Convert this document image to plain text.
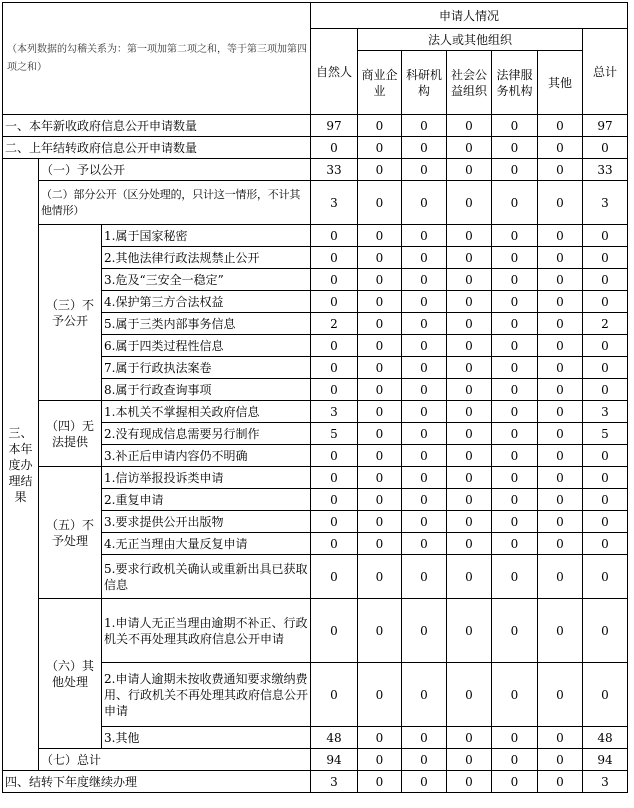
（本列数据的勾稽关系为：第一项加第二项之和，等于第三项加第四项之和）			申请人情况						
			自然人	法人或其他组织					总计
				商业企业	科研机构	社会公益组织	法律服务机构	其他	
一、本年新收政府信息公开申请数量			97	0	0	0	0	0	97
二、上年结转政府信息公开申请数量			0	0	0	0	0	0	0
三、本年度办理结果	（一）予以公开		33	0	0	0	0	0	33
	（二）部分公开（区分处理的，只计这一情形，不计其他情形）		3	0	0	0	0	0	3
	（三）不予公开	1.属于国家秘密	0	0	0	0	0	0	0
		2.其他法律行政法规禁止公开	0	0	0	0	0	0	0
		3.危及“三安全一稳定”	0	0	0	0	0	0	0
		4.保护第三方合法权益	0	0	0	0	0	0	0
		5.属于三类内部事务信息	2	0	0	0	0	0	2
		6.属于四类过程性信息	0	0	0	0	0	0	0
		7.属于行政执法案卷	0	0	0	0	0	0	0
		8.属于行政查询事项	0	0	0	0	0	0	0
	（四）无法提供	1.本机关不掌握相关政府信息	3	0	0	0	0	0	3
		2.没有现成信息需要另行制作	5	0	0	0	0	0	5
		3.补正后申请内容仍不明确	0	0	0	0	0	0	0
	（五）不予处理	1.信访举报投诉类申请	0	0	0	0	0	0	0
		2.重复申请	0	0	0	0	0	0	0
		3.要求提供公开出版物	0	0	0	0	0	0	0
		4.无正当理由大量反复申请	0	0	0	0	0	0	0
		5.要求行政机关确认或重新出具已获取信息	0	0	0	0	0	0	0
	（六）其他处理	1.申请人无正当理由逾期不补正、行政机关不再处理其政府信息公开申请	0	0	0	0	0	0	0
		2.申请人逾期未按收费通知要求缴纳费用、行政机关不再处理其政府信息公开申请	0	0	0	0	0	0	0
		3.其他	48	0	0	0	0	0	48
	（七）总计		94	0	0	0	0	0	94
四、结转下年度继续办理			3	0	0	0	0	0	3
